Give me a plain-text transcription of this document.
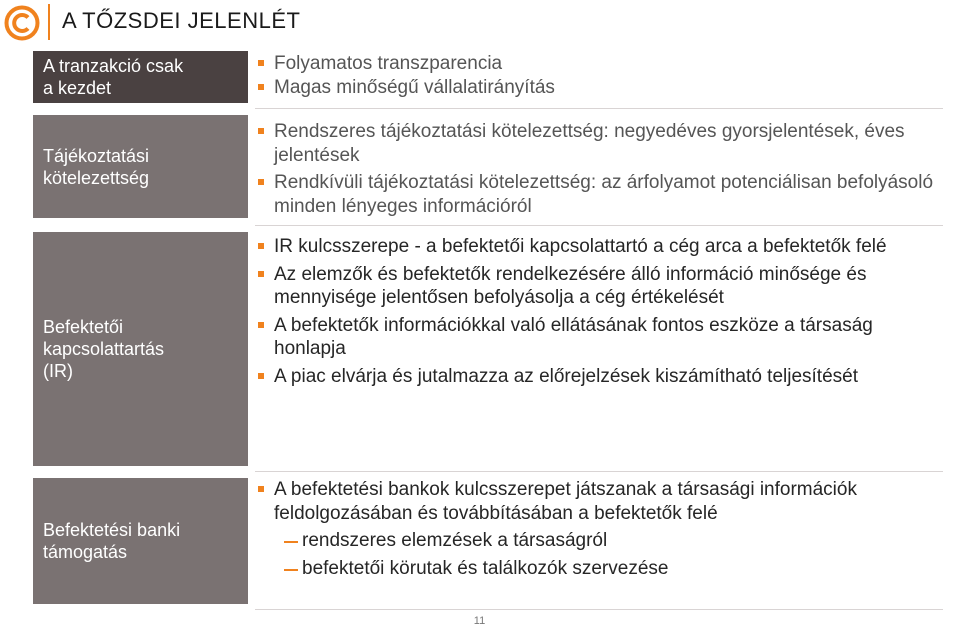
A TŐZSDEI JELENLÉT
A tranzakció csak
a kezdet
Folyamatos transzparencia
Magas minőségű vállalatirányítás
Tájékoztatási
kötelezettség
Rendszeres tájékoztatási kötelezettség: negyedéves gyorsjelentések, éves jelentések
Rendkívüli tájékoztatási kötelezettség: az árfolyamot potenciálisan befolyásoló minden lényeges információról
Befektetői
kapcsolattartás
(IR)
IR kulcsszerepe - a befektetői kapcsolattartó a cég arca a befektetők felé
Az elemzők és befektetők rendelkezésére álló információ minősége és mennyisége jelentősen befolyásolja a cég értékelését
A befektetők információkkal való ellátásának fontos eszköze a társaság honlapja
A piac elvárja és jutalmazza az előrejelzések kiszámítható teljesítését
Befektetési banki
támogatás
A befektetési bankok kulcsszerepet játszanak a társasági információk feldolgozásában és továbbításában a befektetők felé
rendszeres elemzések a társaságról
befektetői körutak és találkozók szervezése
11
